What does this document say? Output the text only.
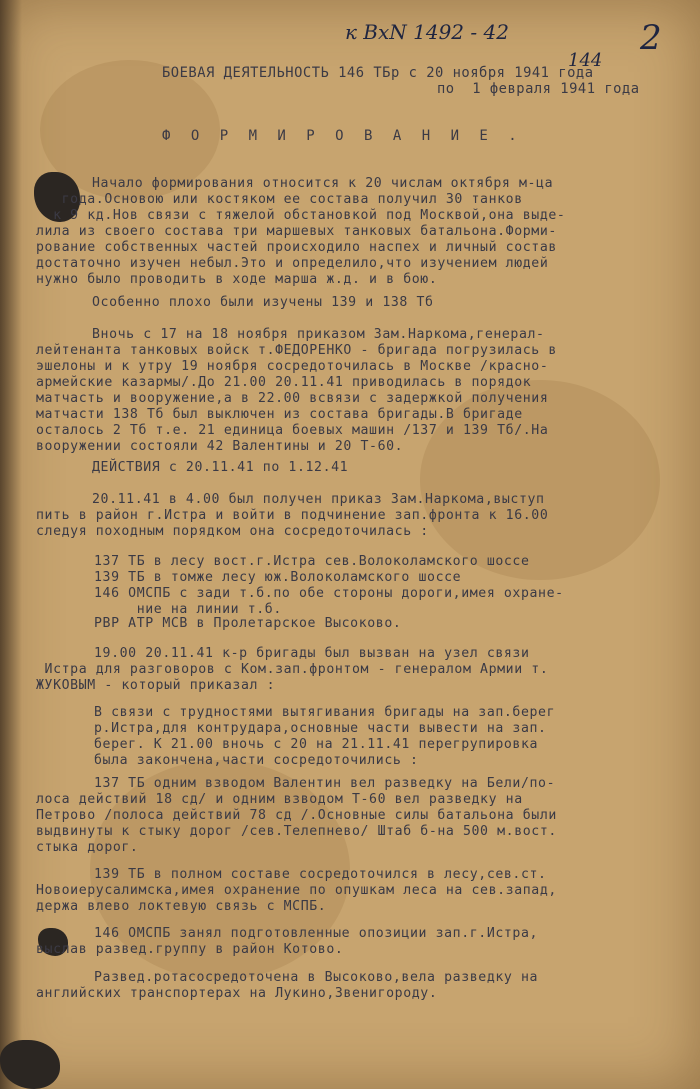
к ВхN 1492 - 42
144
2
БОЕВАЯ ДЕЯТЕЛЬНОСТЬ 146 ТБр с 20 ноября 1941 года
по  1 февраля 1941 года
Ф О Р М И Р О В А Н И Е .
Начало формирования относится к 20 числам октября м-ца
года.Основою или костяком ее состава получил 30 танков
к 9 кд.Нов связи с тяжелой обстановкой под Москвой,она выде-
лила из своего состава три маршевых танковых батальона.Форми-
рование собственных частей происходило наспех и личный состав
достаточно изучен небыл.Это и определило,что изучением людей
нужно было проводить в ходе марша ж.д. и в бою.
Особенно плохо были изучены 139 и 138 Тб
Вночь с 17 на 18 ноября приказом Зам.Наркома,генерал-
лейтенанта танковых войск т.ФЕДОРЕНКО - бригада погрузилась в
эшелоны и к утру 19 ноября сосредоточилась в Москве /красно-
армейские казармы/.До 21.00 20.11.41 приводилась в порядок
матчасть и вооружение,а в 22.00 всвязи с задержкой получения
матчасти 138 Тб был выключен из состава бригады.В бригаде
осталось 2 Тб т.е. 21 единица боевых машин /137 и 139 Тб/.На
вооружении состояли 42 Валентины и 20 Т-60.
ДЕЙСТВИЯ с 20.11.41 по 1.12.41
20.11.41 в 4.00 был получен приказ Зам.Наркома,выступ
пить в район г.Истра и войти в подчинение зап.фронта к 16.00
следуя походным порядком она сосредоточилась :
137 ТБ в лесу вост.г.Истра сев.Волоколамского шоссе
139 ТБ в томже лесу юж.Волоколамского шоссе
146 ОМСПБ с зади т.б.по обе стороны дороги,имея охране-
ние на линии т.б.
РВР АТР МСВ в Пролетарское Высоково.
19.00 20.11.41 к-р бригады был вызван на узел связи
Истра для разговоров с Ком.зап.фронтом - генералом Армии т.
ЖУКОВЫМ - который приказал :
В связи с трудностями вытягивания бригады на зап.берег
р.Истра,для контрудара,основные части вывести на зап.
берег. К 21.00 вночь с 20 на 21.11.41 перегрупировка
была закончена,части сосредоточились :
137 ТБ одним взводом Валентин вел разведку на Бели/по-
лоса действий 18 сд/ и одним взводом Т-60 вел разведку на
Петрово /полоса действий 78 сд /.Основные силы батальона были
выдвинуты к стыку дорог /сев.Телепнево/ Штаб б-на 500 м.вост.
стыка дорог.
139 ТБ в полном составе сосредоточился в лесу,сев.ст.
Новоиерусалимска,имея охранение по опушкам леса на сев.запад,
держа влево локтевую связь с МСПБ.
146 ОМСПБ занял подготовленные опозиции зап.г.Истра,
выслав развед.группу в район Котово.
Развед.ротасосредоточена в Высоково,вела разведку на
английских транспортерах на Лукино,Звенигороду.
